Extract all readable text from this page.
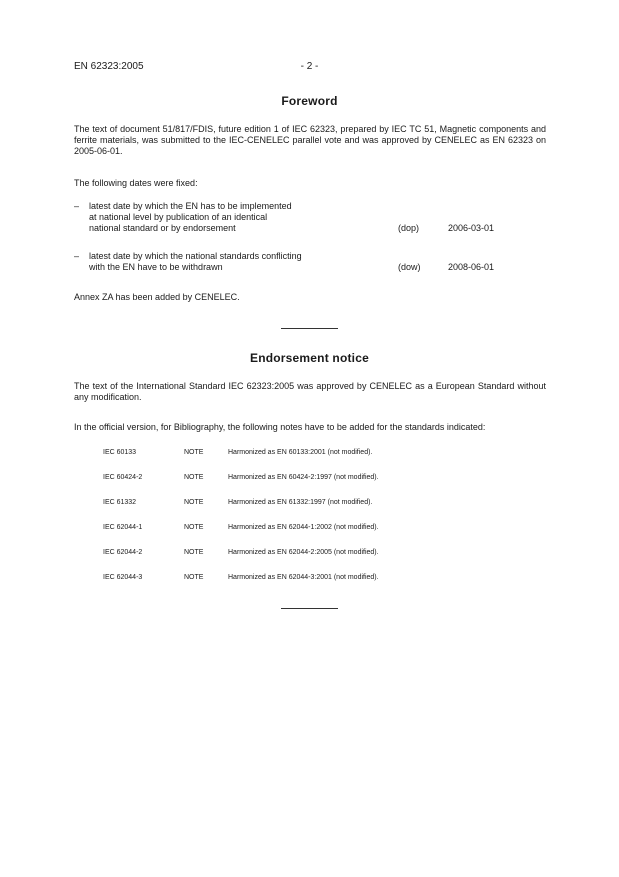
EN 62323:2005	- 2 -
Foreword
The text of document 51/817/FDIS, future edition 1 of IEC 62323, prepared by IEC TC 51, Magnetic components and ferrite materials, was submitted to the IEC-CENELEC parallel vote and was approved by CENELEC as EN 62323 on 2005-06-01.
The following dates were fixed:
– latest date by which the EN has to be implemented
at national level by publication of an identical
national standard or by endorsement	(dop)	2006-03-01
– latest date by which the national standards conflicting
with the EN have to be withdrawn	(dow)	2008-06-01
Annex ZA has been added by CENELEC.
Endorsement notice
The text of the International Standard IEC 62323:2005 was approved by CENELEC as a European Standard without any modification.
In the official version, for Bibliography, the following notes have to be added for the standards indicated:
IEC 60133	NOTE	Harmonized as EN 60133:2001 (not modified).
IEC 60424-2	NOTE	Harmonized as EN 60424-2:1997 (not modified).
IEC 61332	NOTE	Harmonized as EN 61332:1997 (not modified).
IEC 62044-1	NOTE	Harmonized as EN 62044-1:2002 (not modified).
IEC 62044-2	NOTE	Harmonized as EN 62044-2:2005 (not modified).
IEC 62044-3	NOTE	Harmonized as EN 62044-3:2001 (not modified).
